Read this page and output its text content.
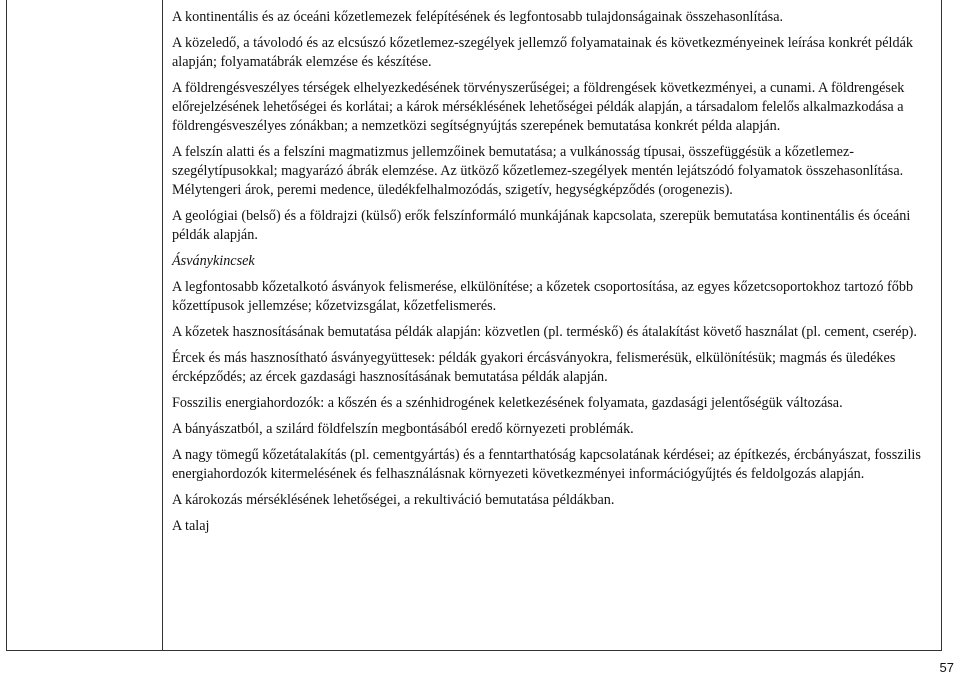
A kontinentális és az óceáni kőzetlemezek felépítésének és legfontosabb tulajdonságainak összehasonlítása.

A közeledő, a távolodó és az elcsúszó kőzetlemez-szegélyek jellemző folyamatainak és következményeinek leírása konkrét példák alapján; folyamatábrák elemzése és készítése.

A földrengésveszélyes térségek elhelyezkedésének törvényszerűségei; a földrengések következményei, a cunami. A földrengések előrejelzésének lehetőségei és korlátai; a károk mérséklésének lehetőségei példák alapján, a társadalom felelős alkalmazkodása a földrengésveszélyes zónákban; a nemzetközi segítségnyújtás szerepének bemutatása konkrét példa alapján.

A felszín alatti és a felszíni magmatizmus jellemzőinek bemutatása; a vulkánosság típusai, összefüggésük a kőzetlemez-szegélytípusokkal; magyarázó ábrák elemzése. Az ütköző kőzetlemez-szegélyek mentén lejátszódó folyamatok összehasonlítása. Mélytengeri árok, peremi medence, üledékfelhalmozódás, szigetív, hegységképződés (orogenezis).

A geológiai (belső) és a földrajzi (külső) erők felszínformáló munkájának kapcsolata, szerepük bemutatása kontinentális és óceáni példák alapján.

Ásványkincsek

A legfontosabb kőzetalkotó ásványok felismerése, elkülönítése; a kőzetek csoportosítása, az egyes kőzetcsoportokhoz tartozó főbb kőzettípusok jellemzése; kőzetvizsgálat, kőzetfelismerés.

A kőzetek hasznosításának bemutatása példák alapján: közvetlen (pl. terméskő) és átalakítást követő használat (pl. cement, cserép).

Ércek és más hasznosítható ásványegyüttesek: példák gyakori ércásványokra, felismerésük, elkülönítésük; magmás és üledékes ércképződés; az ércek gazdasági hasznosításának bemutatása példák alapján.

Fosszilis energiahordozók: a kőszén és a szénhidrogének keletkezésének folyamata, gazdasági jelentőségük változása.

A bányászatból, a szilárd földfelszín megbontásából eredő környezeti problémák.

A nagy tömegű kőzetátalakítás (pl. cementgyártás) és a fenntarthatóság kapcsolatának kérdései; az építkezés, ércbányászat, fosszilis energiahordozók kitermelésének és felhasználásnak környezeti következményei információgyűjtés és feldolgozás alapján.

A károkozás mérséklésének lehetőségei, a rekultiváció bemutatása példákban.

A talaj

57
